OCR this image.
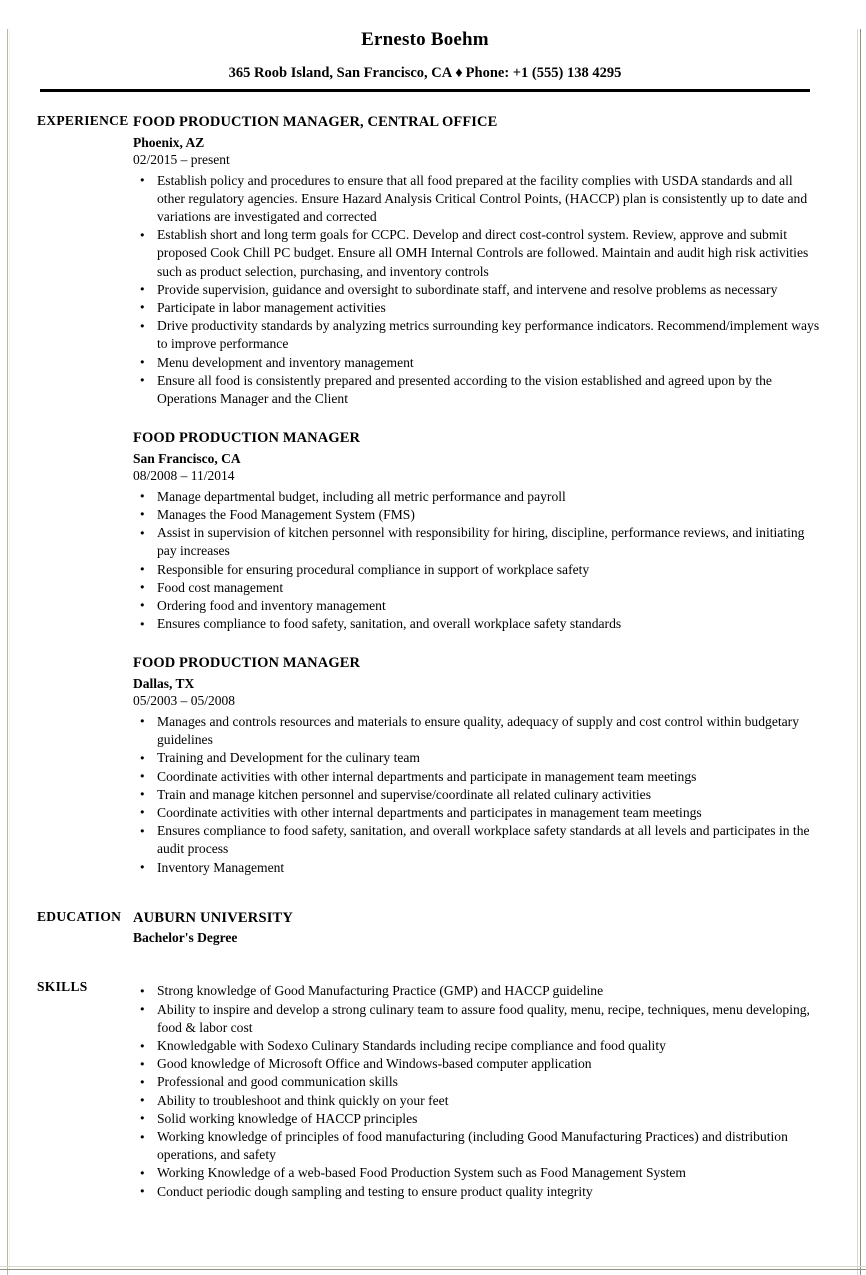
Ernesto Boehm
365 Roob Island, San Francisco, CA ♦ Phone: +1 (555) 138 4295
EXPERIENCE FOOD PRODUCTION MANAGER, CENTRAL OFFICE
Phoenix, AZ
02/2015 – present
● Establish policy and procedures to ensure that all food prepared at the facility complies with USDA standards and all other regulatory agencies. Ensure Hazard Analysis Critical Control Points, (HACCP) plan is consistently up to date and variations are investigated and corrected
● Establish short and long term goals for CCPC. Develop and direct cost-control system. Review, approve and submit proposed Cook Chill PC budget. Ensure all OMH Internal Controls are followed. Maintain and audit high risk activities such as product selection, purchasing, and inventory controls
● Provide supervision, guidance and oversight to subordinate staff, and intervene and resolve problems as necessary
● Participate in labor management activities
● Drive productivity standards by analyzing metrics surrounding key performance indicators. Recommend/implement ways to improve performance
● Menu development and inventory management
● Ensure all food is consistently prepared and presented according to the vision established and agreed upon by the Operations Manager and the Client
FOOD PRODUCTION MANAGER
San Francisco, CA
08/2008 – 11/2014
● Manage departmental budget, including all metric performance and payroll
● Manages the Food Management System (FMS)
● Assist in supervision of kitchen personnel with responsibility for hiring, discipline, performance reviews, and initiating pay increases
● Responsible for ensuring procedural compliance in support of workplace safety
● Food cost management
● Ordering food and inventory management
● Ensures compliance to food safety, sanitation, and overall workplace safety standards
FOOD PRODUCTION MANAGER
Dallas, TX
05/2003 – 05/2008
● Manages and controls resources and materials to ensure quality, adequacy of supply and cost control within budgetary guidelines
● Training and Development for the culinary team
● Coordinate activities with other internal departments and participate in management team meetings
● Train and manage kitchen personnel and supervise/coordinate all related culinary activities
● Coordinate activities with other internal departments and participates in management team meetings
● Ensures compliance to food safety, sanitation, and overall workplace safety standards at all levels and participates in the audit process
● Inventory Management
EDUCATION AUBURN UNIVERSITY
Bachelor's Degree
SKILLS	● Strong knowledge of Good Manufacturing Practice (GMP) and HACCP guideline
● Ability to inspire and develop a strong culinary team to assure food quality, menu, recipe, techniques, menu developing, food & labor cost
● Knowledgable with Sodexo Culinary Standards including recipe compliance and food quality
● Good knowledge of Microsoft Office and Windows-based computer application
● Professional and good communication skills
● Ability to troubleshoot and think quickly on your feet
● Solid working knowledge of HACCP principles
● Working knowledge of principles of food manufacturing (including Good Manufacturing Practices) and distribution operations, and safety
● Working Knowledge of a web-based Food Production System such as Food Management System
● Conduct periodic dough sampling and testing to ensure product quality integrity
